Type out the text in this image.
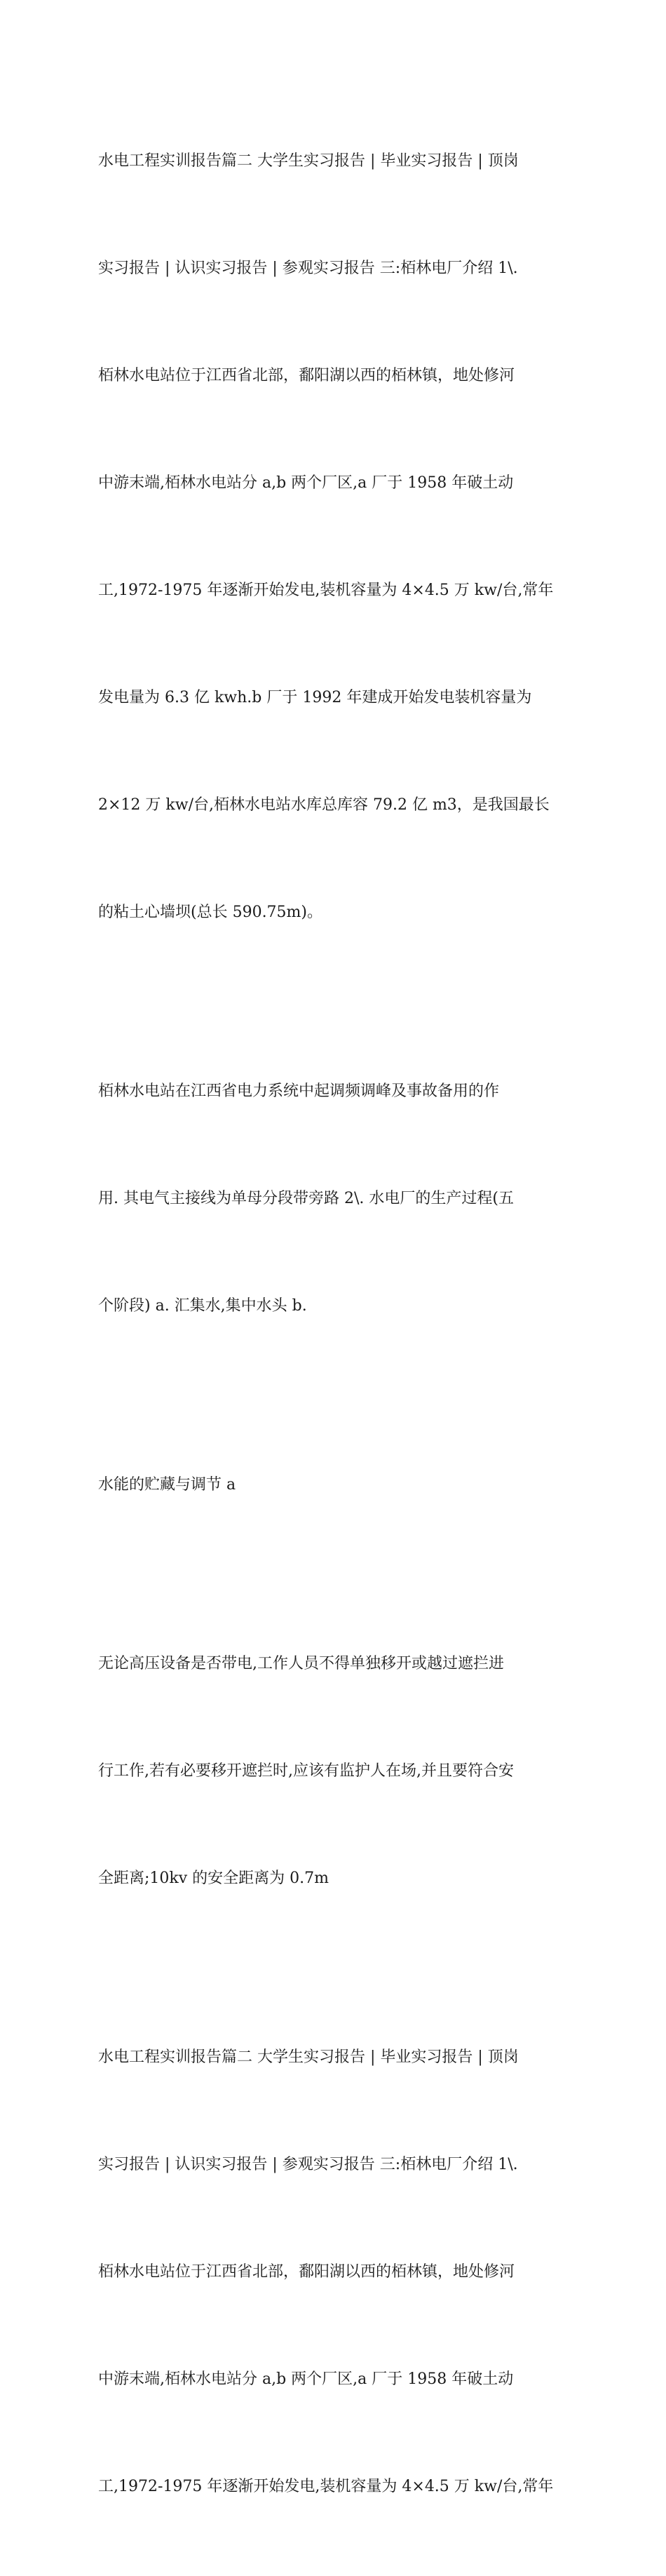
水电工程实训报告篇二 大学生实习报告 | 毕业实习报告 | 顶岗

实习报告 | 认识实习报告 | 参观实习报告 三:栢林电厂介绍 1\.

栢林水电站位于江西省北部，鄱阳湖以西的栢林镇，地处修河

中游末端,栢林水电站分 a,b 两个厂区,a 厂于 1958 年破土动

工,1972-1975 年逐渐开始发电,装机容量为 4×4.5 万 kw/台,常年

发电量为 6.3 亿 kwh.b 厂于 1992 年建成开始发电装机容量为

2×12 万 kw/台,栢林水电站水库总库容 79.2 亿 m3，是我国最长

的粘土心墙坝(总长 590.75m)。

栢林水电站在江西省电力系统中起调频调峰及事故备用的作

用. 其电气主接线为单母分段带旁路 2\. 水电厂的生产过程(五

个阶段) a. 汇集水,集中水头 b.

水能的贮藏与调节 a

无论高压设备是否带电,工作人员不得单独移开或越过遮拦进

行工作,若有必要移开遮拦时,应该有监护人在场,并且要符合安

全距离;10kv 的安全距离为 0.7m

水电工程实训报告篇二 大学生实习报告 | 毕业实习报告 | 顶岗

实习报告 | 认识实习报告 | 参观实习报告 三:栢林电厂介绍 1\.

栢林水电站位于江西省北部，鄱阳湖以西的栢林镇，地处修河

中游末端,栢林水电站分 a,b 两个厂区,a 厂于 1958 年破土动

工,1972-1975 年逐渐开始发电,装机容量为 4×4.5 万 kw/台,常年
